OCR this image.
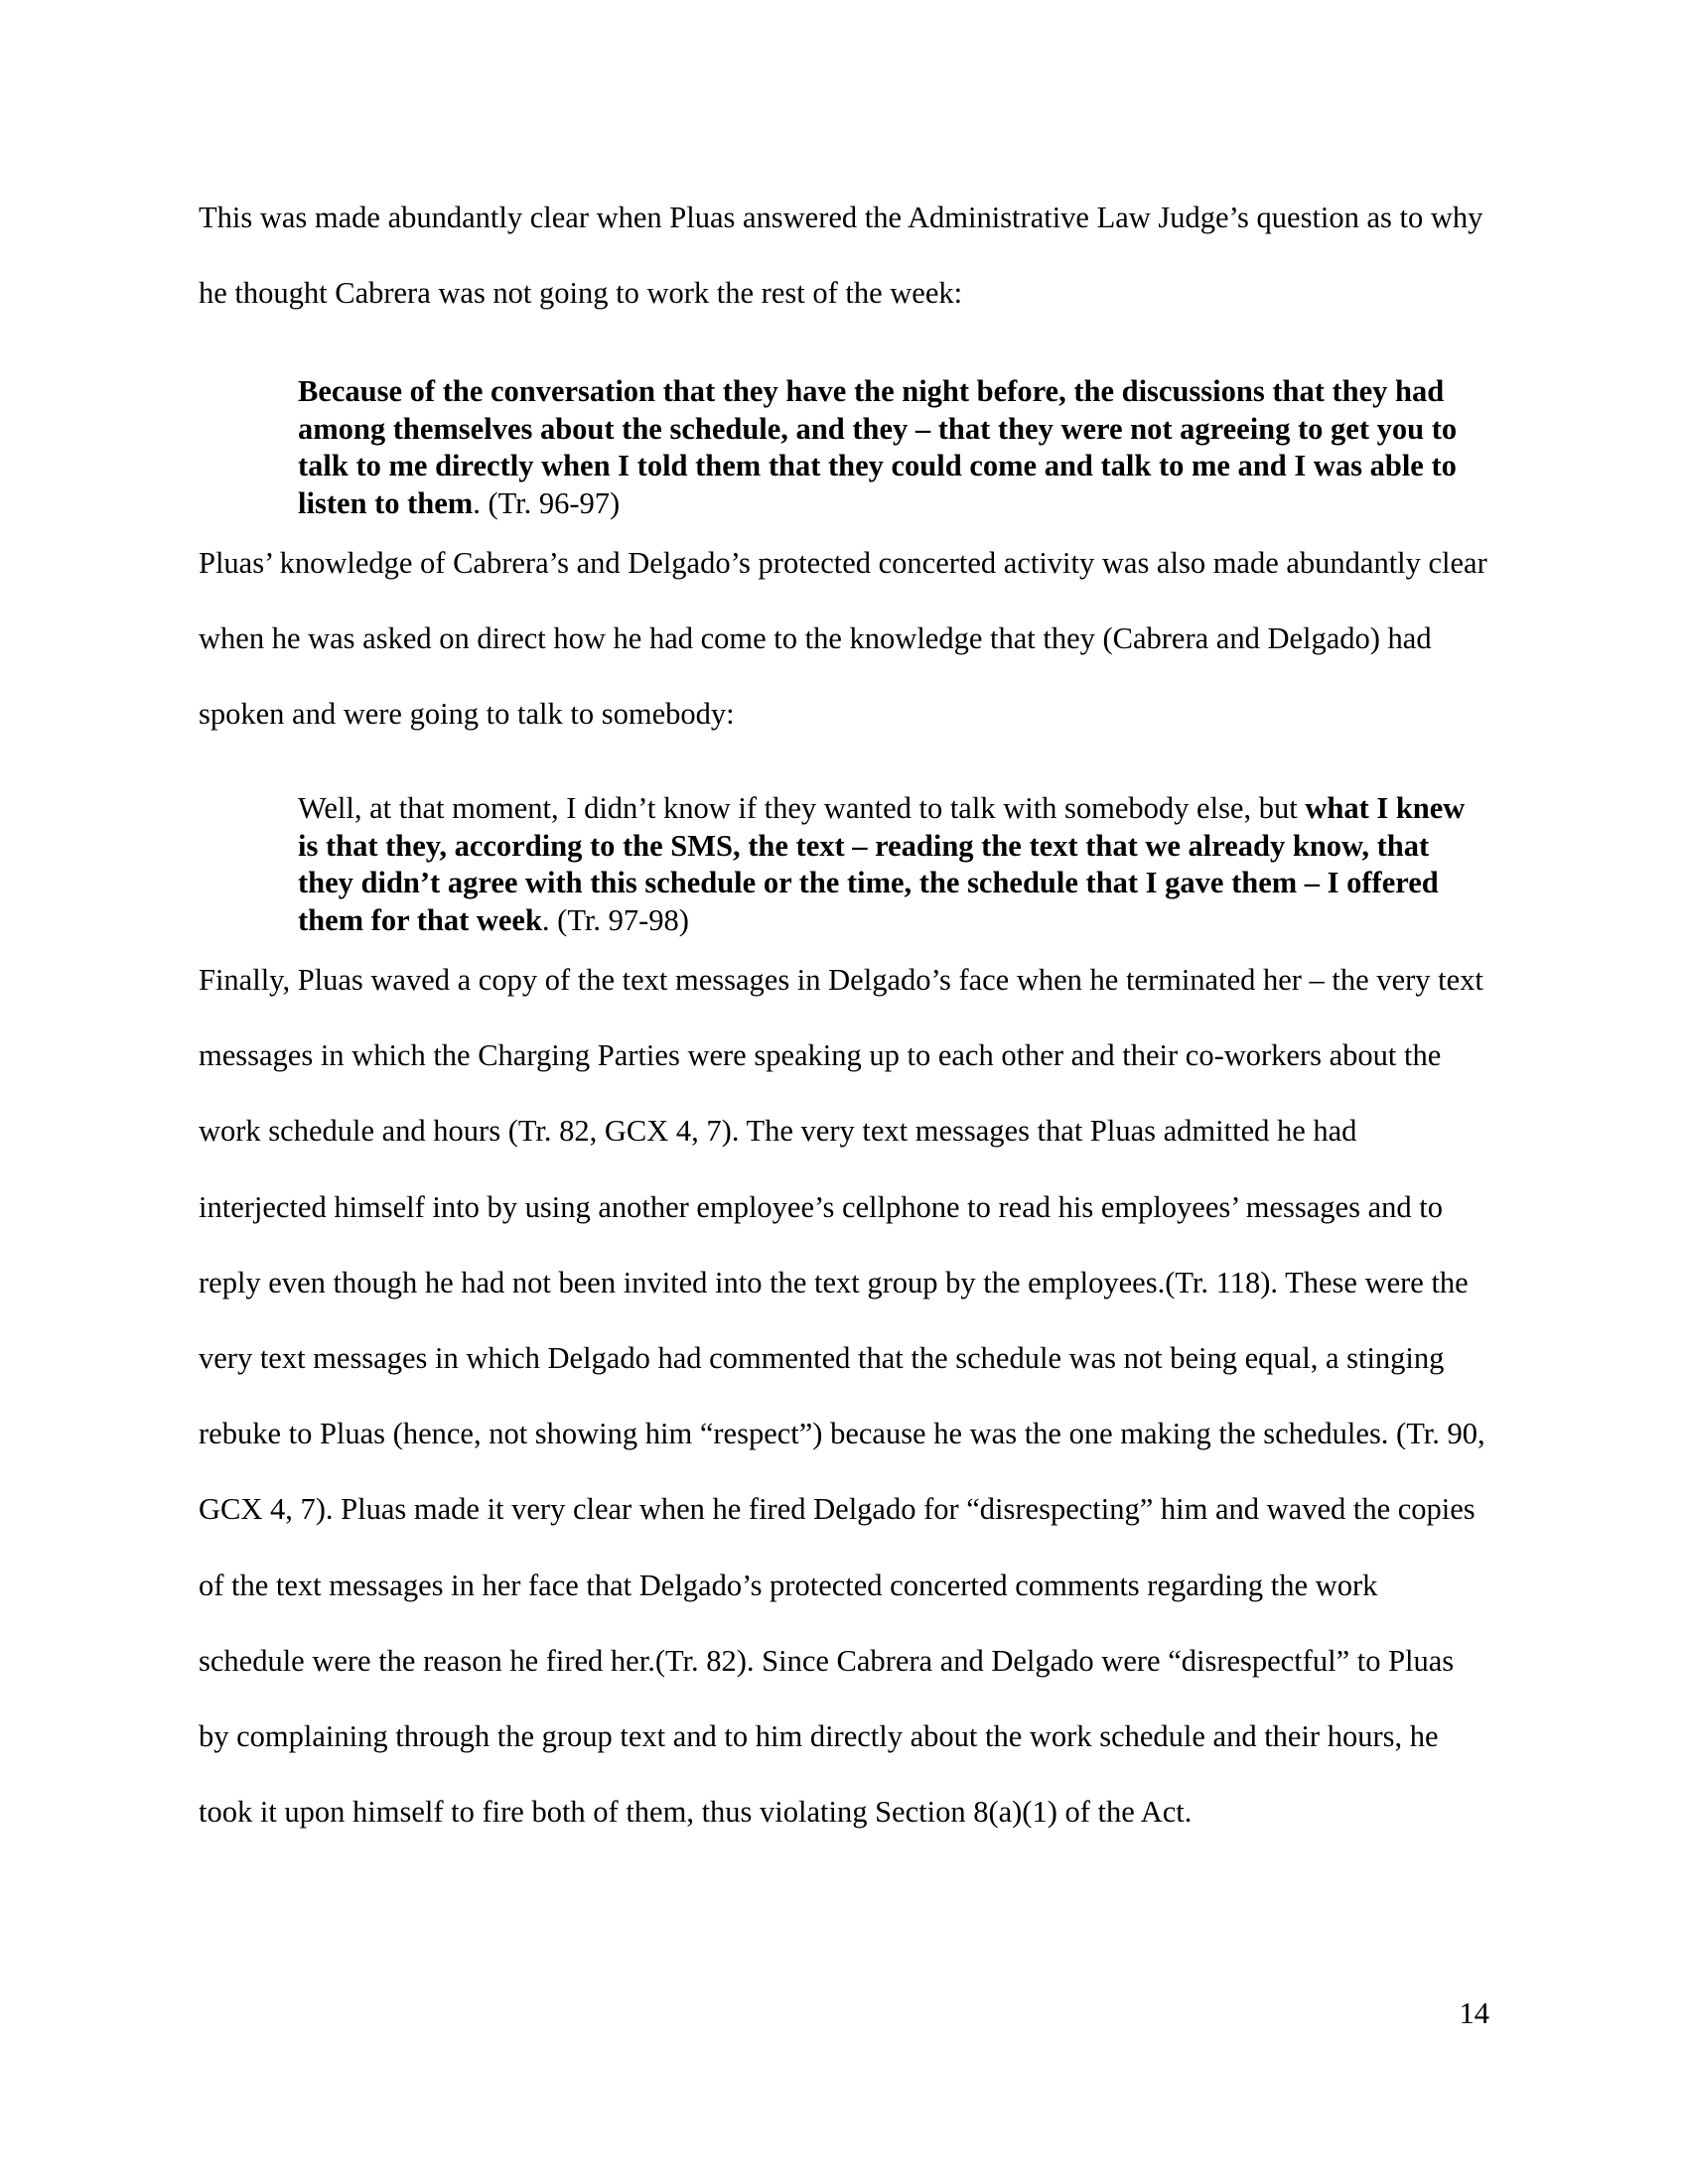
This was made abundantly clear when Pluas answered the Administrative Law Judge’s question as to why he thought Cabrera was not going to work the rest of the week:

Because of the conversation that they have the night before, the discussions that they had among themselves about the schedule, and they – that they were not agreeing to get you to talk to me directly when I told them that they could come and talk to me and I was able to listen to them. (Tr. 96-97)

Pluas’ knowledge of Cabrera’s and Delgado’s protected concerted activity was also made abundantly clear when he was asked on direct how he had come to the knowledge that they (Cabrera and Delgado) had spoken and were going to talk to somebody:

Well, at that moment, I didn’t know if they wanted to talk with somebody else, but what I knew is that they, according to the SMS, the text – reading the text that we already know, that they didn’t agree with this schedule or the time, the schedule that I gave them – I offered them for that week. (Tr. 97-98)

Finally, Pluas waved a copy of the text messages in Delgado’s face when he terminated her – the very text messages in which the Charging Parties were speaking up to each other and their co-workers about the work schedule and hours (Tr. 82, GCX 4, 7). The very text messages that Pluas admitted he had interjected himself into by using another employee’s cellphone to read his employees’ messages and to reply even though he had not been invited into the text group by the employees.(Tr. 118). These were the very text messages in which Delgado had commented that the schedule was not being equal, a stinging rebuke to Pluas (hence, not showing him “respect”) because he was the one making the schedules. (Tr. 90, GCX 4, 7). Pluas made it very clear when he fired Delgado for “disrespecting” him and waved the copies of the text messages in her face that Delgado’s protected concerted comments regarding the work schedule were the reason he fired her.(Tr. 82). Since Cabrera and Delgado were “disrespectful” to Pluas by complaining through the group text and to him directly about the work schedule and their hours, he took it upon himself to fire both of them, thus violating Section 8(a)(1) of the Act.

14
